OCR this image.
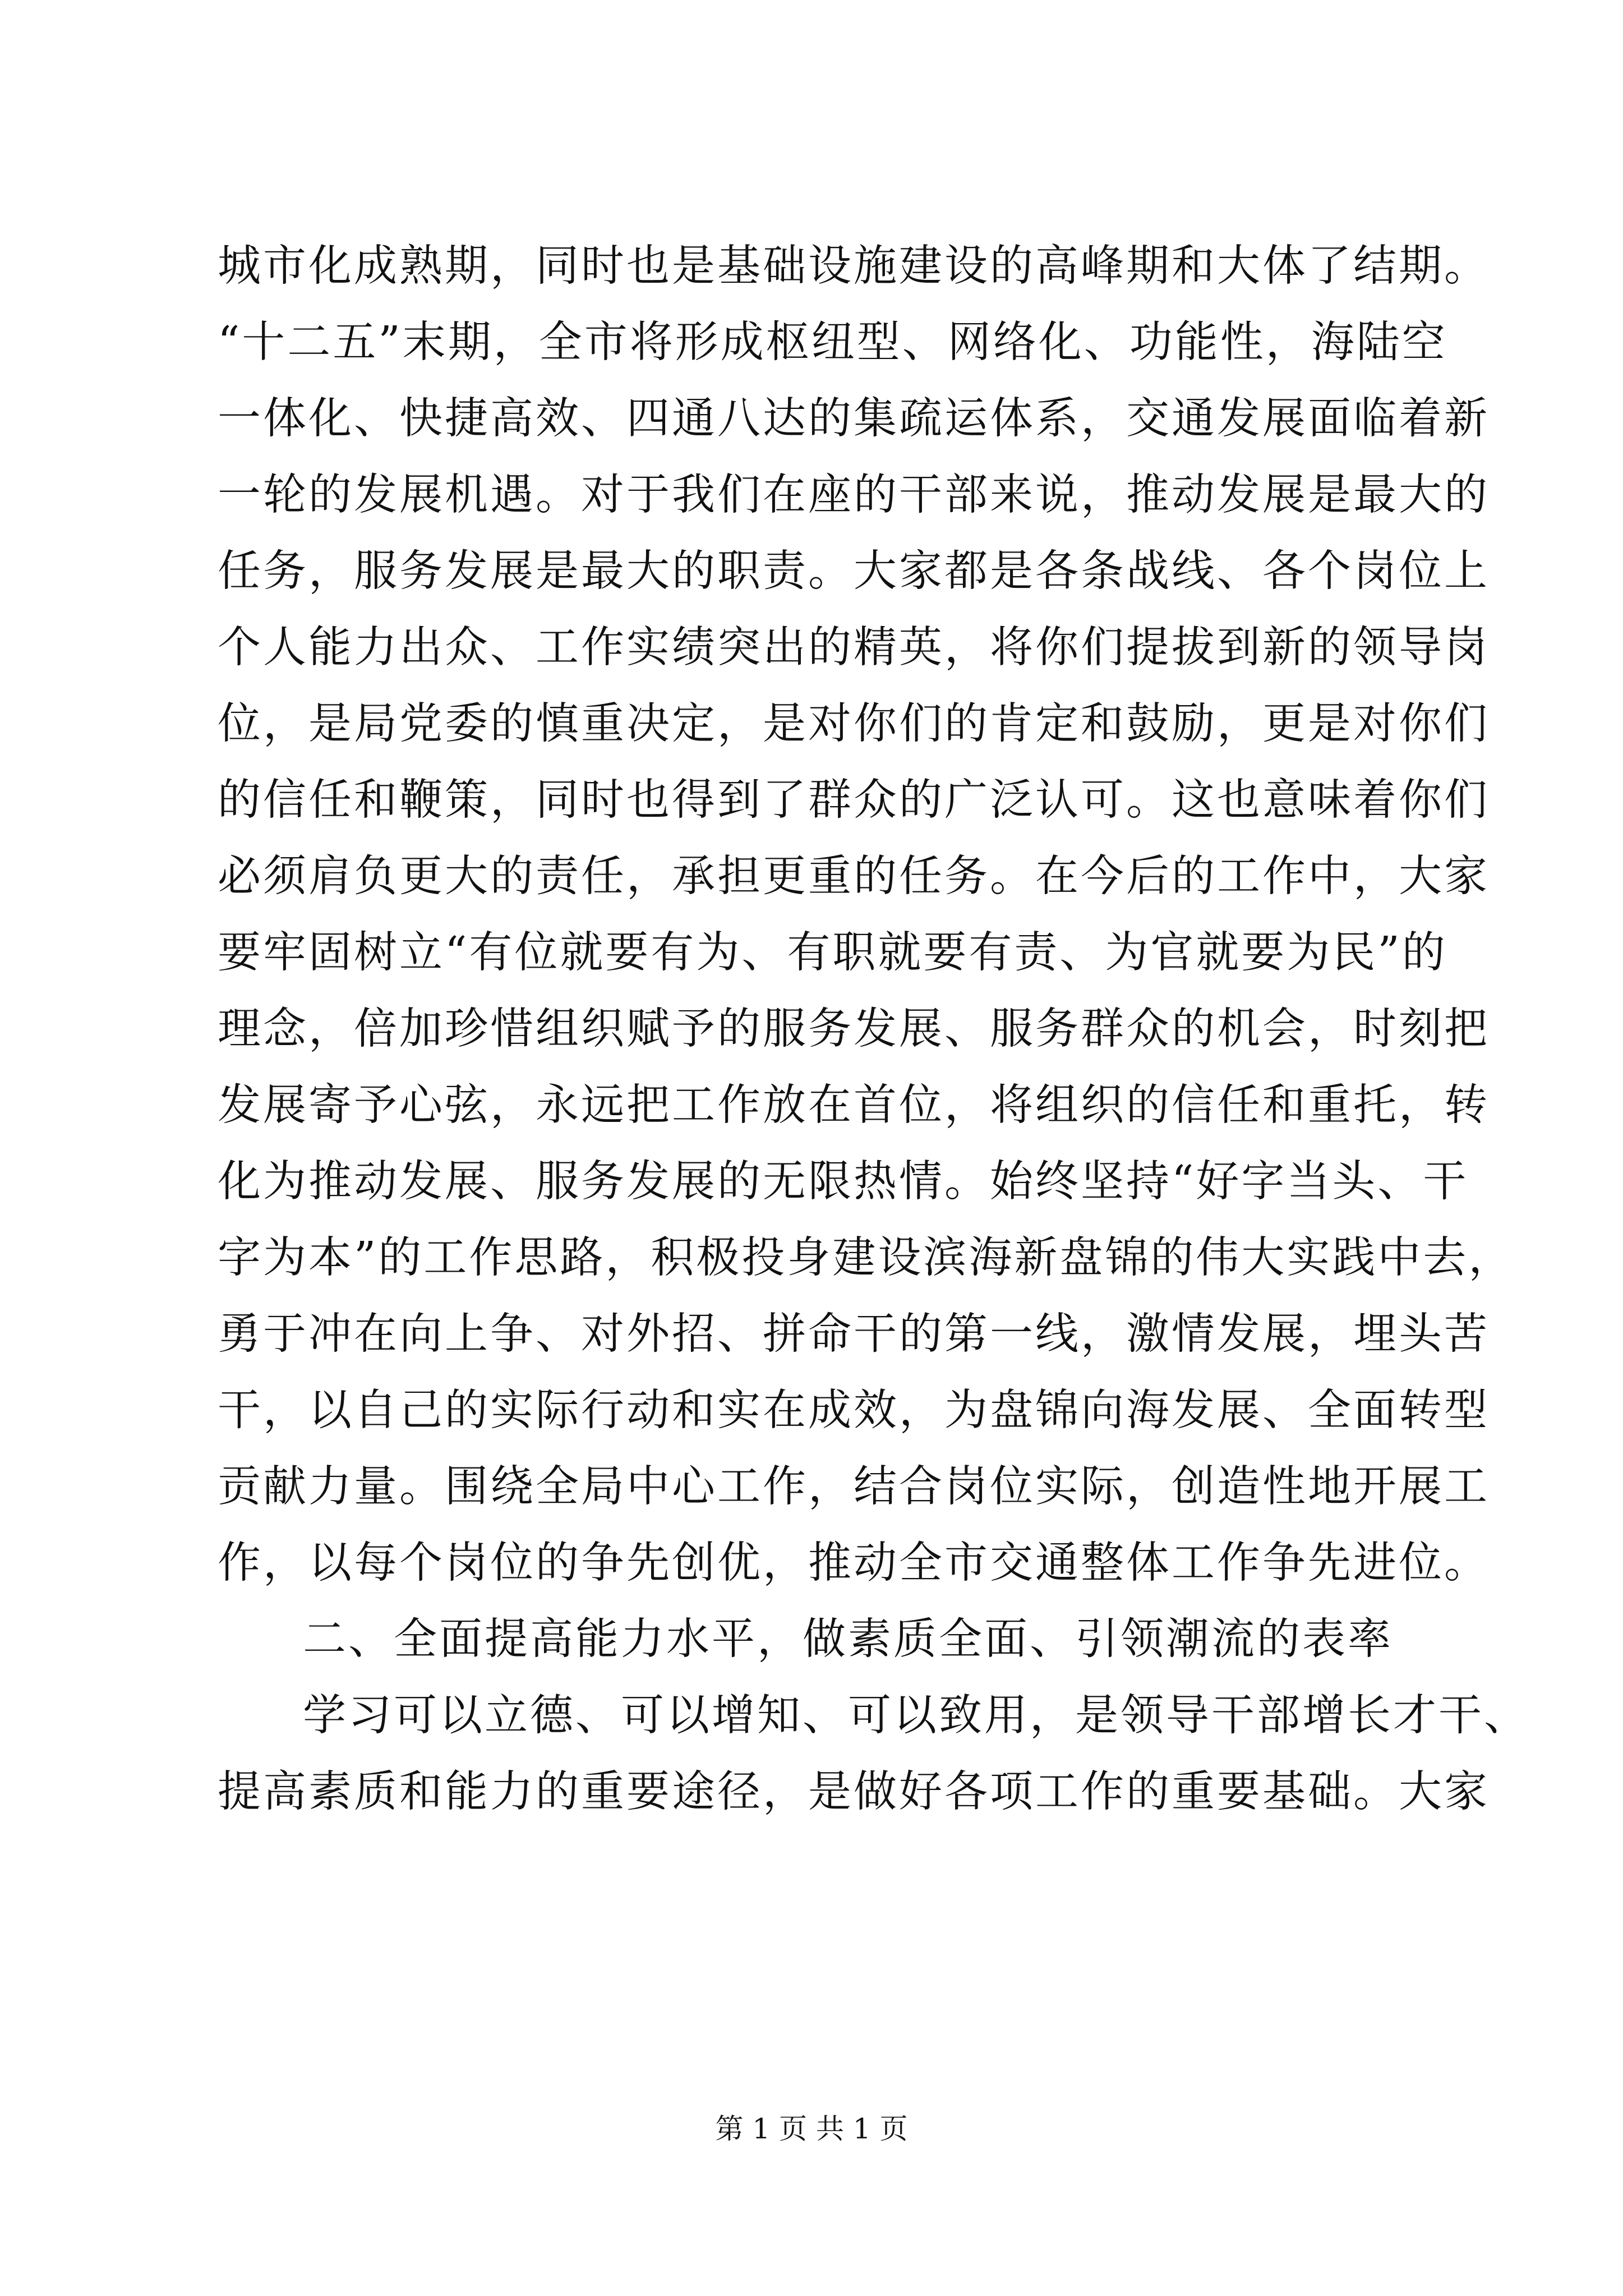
城市化成熟期，同时也是基础设施建设的高峰期和大体了结期。
“十二五”末期，全市将形成枢纽型、网络化、功能性，海陆空
一体化、快捷高效、四通八达的集疏运体系，交通发展面临着新
一轮的发展机遇。对于我们在座的干部来说，推动发展是最大的
任务，服务发展是最大的职责。大家都是各条战线、各个岗位上
个人能力出众、工作实绩突出的精英，将你们提拔到新的领导岗
位，是局党委的慎重决定，是对你们的肯定和鼓励，更是对你们
的信任和鞭策，同时也得到了群众的广泛认可。这也意味着你们
必须肩负更大的责任，承担更重的任务。在今后的工作中，大家
要牢固树立“有位就要有为、有职就要有责、为官就要为民”的
理念，倍加珍惜组织赋予的服务发展、服务群众的机会，时刻把
发展寄予心弦，永远把工作放在首位，将组织的信任和重托，转
化为推动发展、服务发展的无限热情。始终坚持“好字当头、干
字为本”的工作思路，积极投身建设滨海新盘锦的伟大实践中去，
勇于冲在向上争、对外招、拼命干的第一线，激情发展，埋头苦
干，以自己的实际行动和实在成效，为盘锦向海发展、全面转型
贡献力量。围绕全局中心工作，结合岗位实际，创造性地开展工
作，以每个岗位的争先创优，推动全市交通整体工作争先进位。
二、全面提高能力水平，做素质全面、引领潮流的表率
学习可以立德、可以增知、可以致用，是领导干部增长才干、
提高素质和能力的重要途径，是做好各项工作的重要基础。大家
第 1 页 共 1 页
